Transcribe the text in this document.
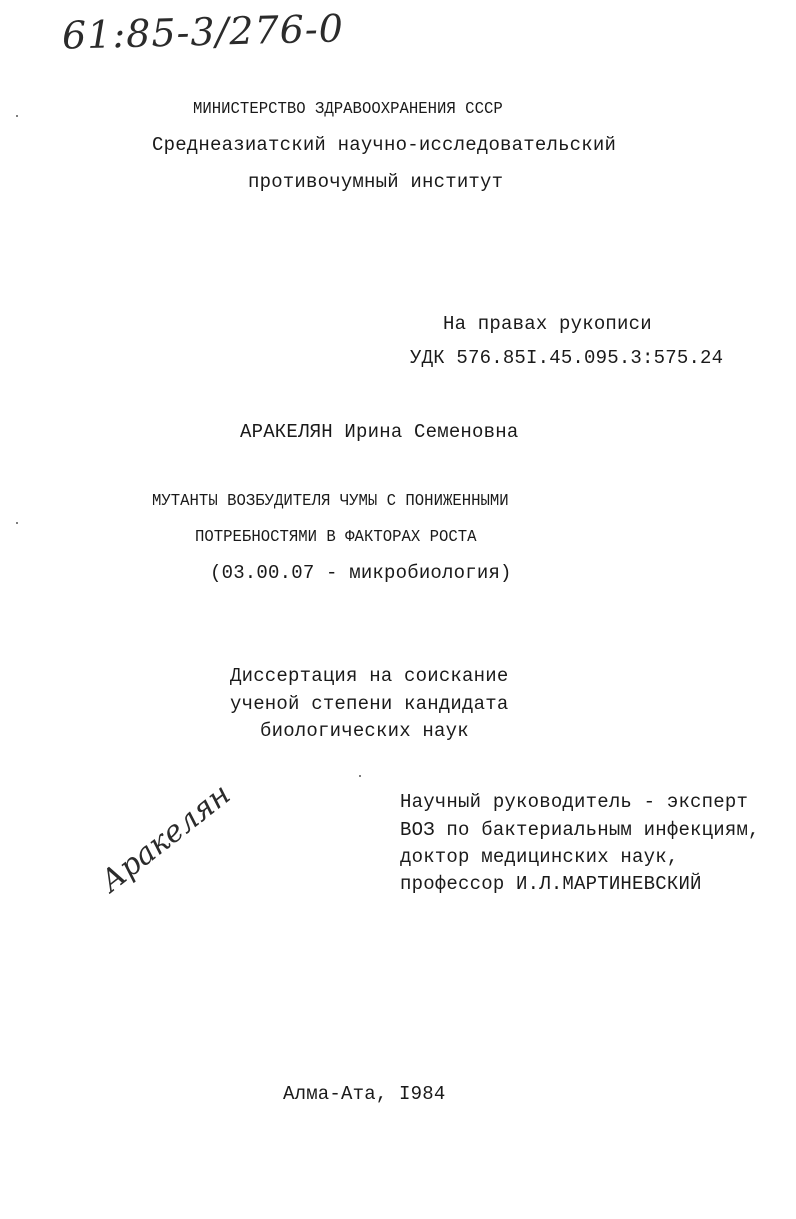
61:85-3/276-0
МИНИСТЕРСТВО ЗДРАВООХРАНЕНИЯ СССР
Среднеазиатский научно-исследовательский
противочумный институт
На правах рукописи
УДК 576.85I.45.095.3:575.24
АРАКЕЛЯН Ирина Семеновна
МУТАНТЫ ВОЗБУДИТЕЛЯ ЧУМЫ С ПОНИЖЕННЫМИ
ПОТРЕБНОСТЯМИ В ФАКТОРАХ РОСТА
(03.00.07 - микробиология)
Диссертация на соискание
ученой степени кандидата
биологических наук
Научный руководитель - эксперт
ВОЗ по бактериальным инфекциям,
доктор медицинских наук,
профессор И.Л.МАРТИНЕВСКИЙ
Аракелян
Алма-Ата, I984
